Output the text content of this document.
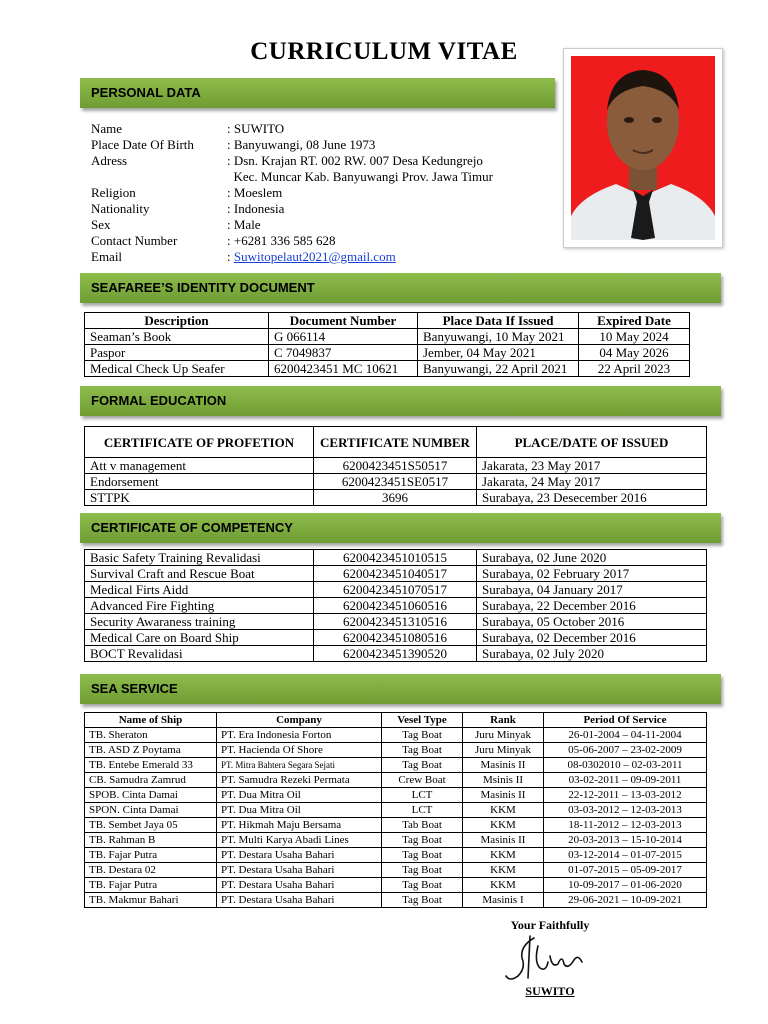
CURRICULUM VITAE
PERSONAL DATA
Name	: SUWITO
Place Date Of Birth	: Banyuwangi, 08 June 1973
Adress	: Dsn. Krajan RT. 002 RW. 007 Desa Kedungrejo
Kec. Muncar Kab. Banyuwangi Prov. Jawa Timur
Religion	: Moeslem
Nationality	: Indonesia
Sex	: Male
Contact Number	: +6281 336 585 628
Email	: Suwitopelaut2021@gmail.com
SEAFAREE’S IDENTITY DOCUMENT
Description	Document Number	Place Data If Issued	Expired Date
Seaman’s Book	G 066114	Banyuwangi, 10 May 2021	10 May 2024
Paspor	C 7049837	Jember, 04 May 2021	04 May 2026
Medical Check Up Seafer	6200423451 MC 10621	Banyuwangi, 22 April 2021	22 April 2023
FORMAL EDUCATION
CERTIFICATE OF PROFETION	CERTIFICATE NUMBER	PLACE/DATE OF ISSUED
Att v management	6200423451S50517	Jakarata, 23 May 2017
Endorsement	6200423451SE0517	Jakarata, 24 May 2017
STTPK	3696	Surabaya, 23 Desecember 2016
CERTIFICATE OF COMPETENCY
Basic Safety Training Revalidasi	6200423451010515	Surabaya, 02 June 2020
Survival Craft and Rescue Boat	6200423451040517	Surabaya, 02 February 2017
Medical Firts Aidd	6200423451070517	Surabaya, 04 January 2017
Advanced Fire Fighting	6200423451060516	Surabaya, 22 December 2016
Security Awaraness training	6200423451310516	Surabaya, 05 October 2016
Medical Care on Board Ship	6200423451080516	Surabaya, 02 December 2016
BOCT Revalidasi	6200423451390520	Surabaya, 02 July 2020
SEA SERVICE
Name of Ship	Company	Vesel Type	Rank	Period Of Service
TB. Sheraton	PT. Era Indonesia Forton	Tag Boat	Juru Minyak	26-01-2004 – 04-11-2004
TB. ASD Z Poytama	PT. Hacienda Of Shore	Tag Boat	Juru Minyak	05-06-2007 – 23-02-2009
TB. Entebe Emerald 33	PT. Mitra Bahtera Segara Sejati	Tag Boat	Masinis II	08-0302010 – 02-03-2011
CB. Samudra Zamrud	PT. Samudra Rezeki Permata	Crew Boat	Msinis II	03-02-2011 – 09-09-2011
SPOB. Cinta Damai	PT. Dua Mitra Oil	LCT	Masinis II	22-12-2011 – 13-03-2012
SPON. Cinta Damai	PT. Dua Mitra Oil	LCT	KKM	03-03-2012 – 12-03-2013
TB. Sembet Jaya 05	PT. Hikmah Maju Bersama	Tab Boat	KKM	18-11-2012 – 12-03-2013
TB. Rahman B	PT. Multi Karya Abadi Lines	Tag Boat	Masinis II	20-03-2013 – 15-10-2014
TB. Fajar Putra	PT. Destara Usaha Bahari	Tag Boat	KKM	03-12-2014 – 01-07-2015
TB. Destara 02	PT. Destara Usaha Bahari	Tag Boat	KKM	01-07-2015 – 05-09-2017
TB. Fajar Putra	PT. Destara Usaha Bahari	Tag Boat	KKM	10-09-2017 – 01-06-2020
TB. Makmur Bahari	PT. Destara Usaha Bahari	Tag Boat	Masinis I	29-06-2021 – 10-09-2021
Your Faithfully
SUWITO
